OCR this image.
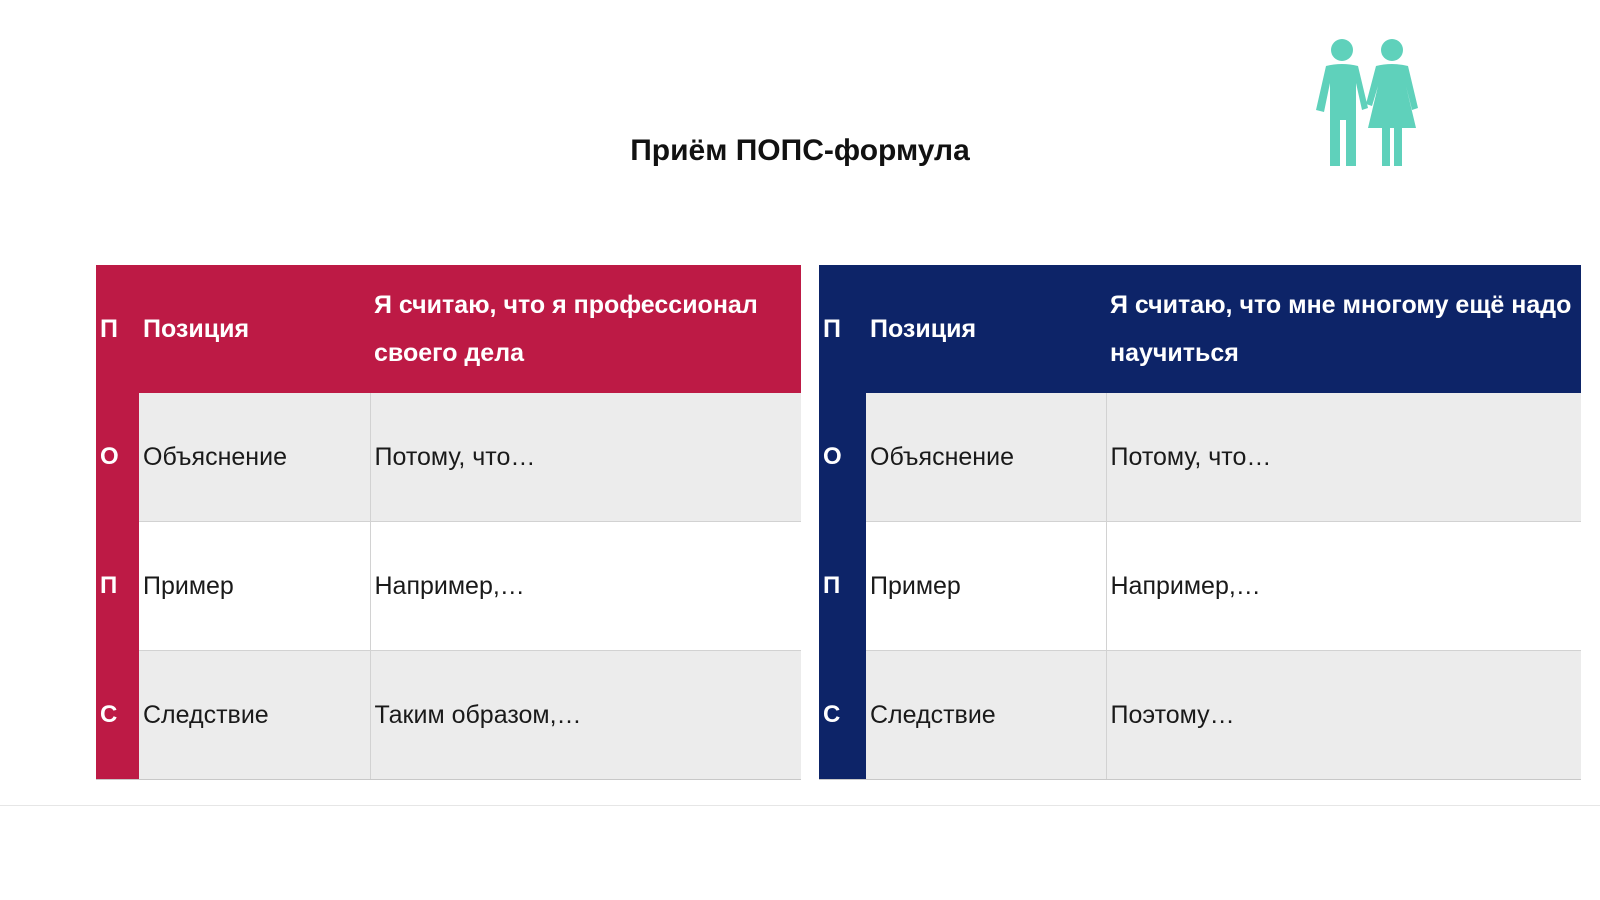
Приём ПОПС-формула
П	Позиция	Я считаю, что я профессионал своего дела
О	Объяснение	Потому, что…
П	Пример	Например,…
С	Следствие	Таким образом,…
П	Позиция	Я считаю, что мне многому ещё надо научиться
О	Объяснение	Потому, что…
П	Пример	Например,…
С	Следствие	Поэтому…
